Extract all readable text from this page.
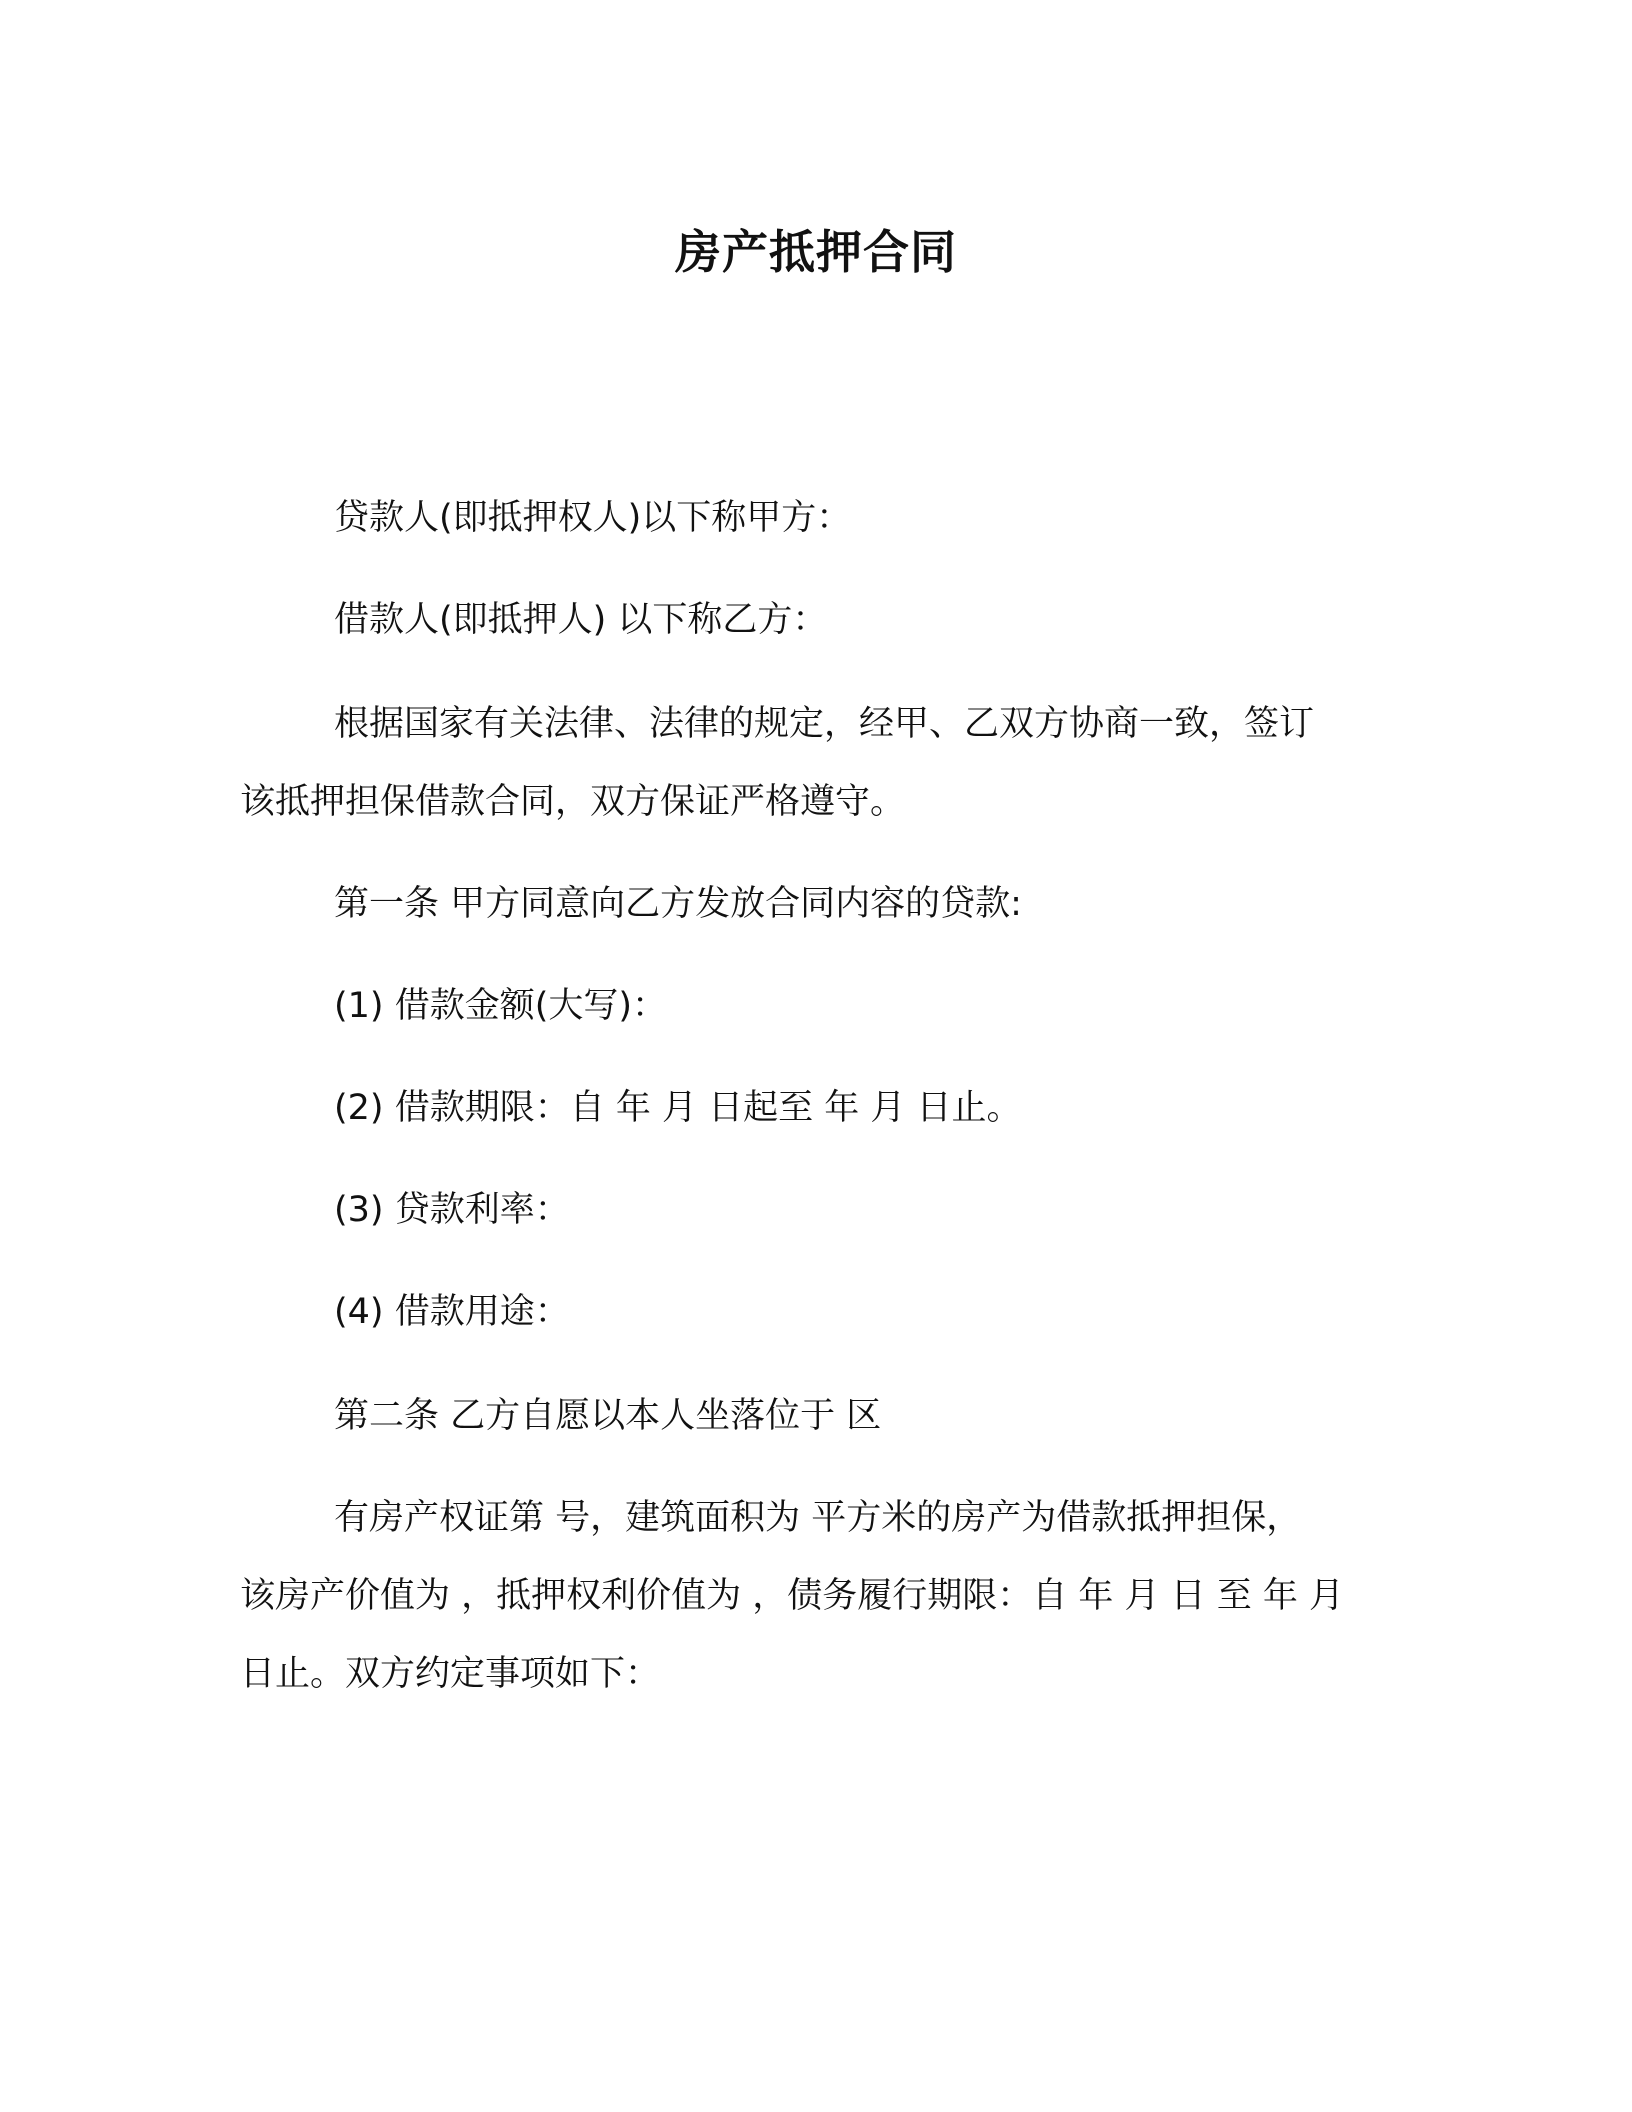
房产抵押合同
贷款人(即抵押权人)以下称甲方：
借款人(即抵押人) 以下称乙方：
根据国家有关法律、法律的规定，经甲、乙双方协商一致，签订
该抵押担保借款合同，双方保证严格遵守。
第一条 甲方同意向乙方发放合同内容的贷款:
(1) 借款金额(大写)：
(2) 借款期限：自 年 月 日起至 年 月 日止。
(3) 贷款利率：
(4) 借款用途：
第二条 乙方自愿以本人坐落位于 区
有房产权证第 号，建筑面积为 平方米的房产为借款抵押担保，
该房产价值为 ，抵押权利价值为 ，债务履行期限：自 年 月 日 至 年 月
日止。双方约定事项如下：
